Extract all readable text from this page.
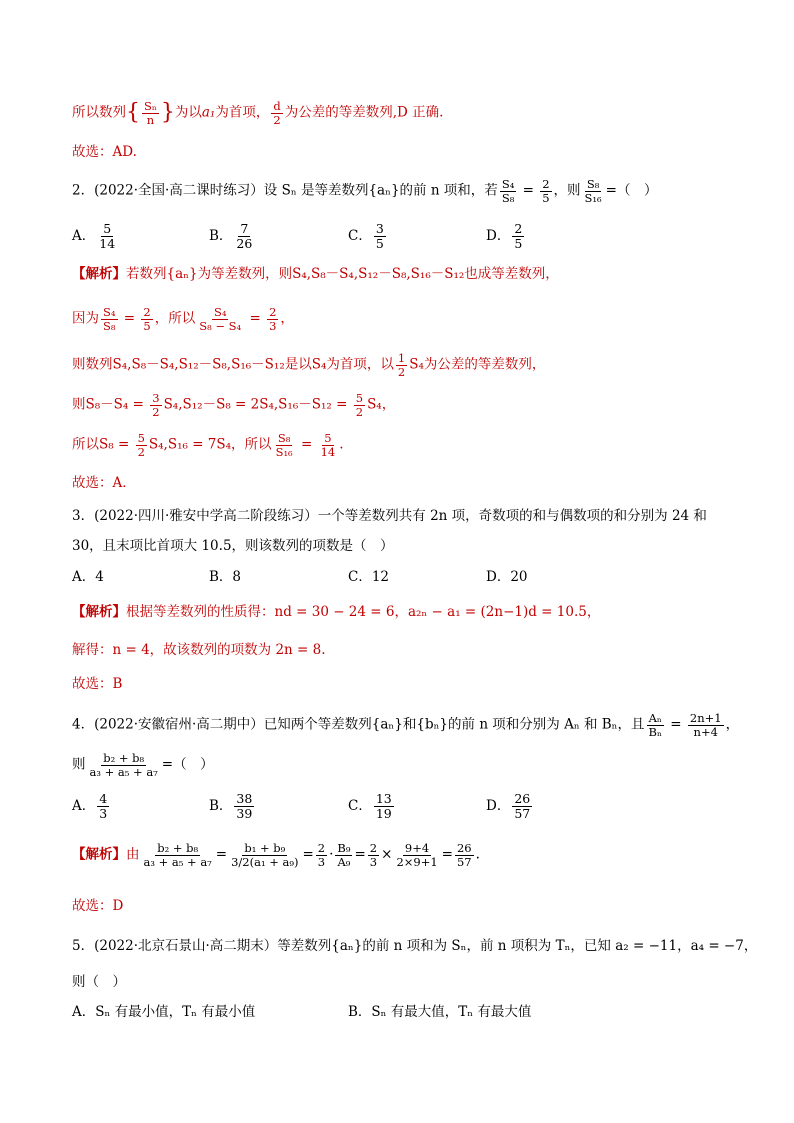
所以数列{ $\frac{\text{Sₙ}}{n}$ }为以a₁为首项， $\frac{d}{2}$ 为公差的等差数列,D 正确.
故选：AD.
2．(2022·全国·高二课时练习）设 Sₙ 是等差数列{aₙ}的前 n 项和，若 $\frac{\text{S₄}}{\text{S₈}} = \frac{2}{5}$ ，则 $\frac{\text{S₈}}{\text{S₁₆}}$ =（　）
A． $\frac{5}{14}$	B． $\frac{7}{26}$	C． $\frac{3}{5}$	D． $\frac{2}{5}$
【解析】若数列{aₙ}为等差数列，则S₄,S₈－S₄,S₁₂－S₈,S₁₆－S₁₂也成等差数列，
因为 $\frac{\text{S₄}}{\text{S₈}} = \frac{2}{5}$ ，所以 $\frac{\text{S₄}}{\text{S₈ − S₄}} = \frac{2}{3}$ ，
则数列S₄,S₈－S₄,S₁₂－S₈,S₁₆－S₁₂是以S₄为首项，以 $\frac{1}{2} S_4$为公差的等差数列，
则$S_8-S_4 = \frac{3}{2} S_4,S_{12}-S_8 = 2S_4,S_{16}-S_{12} = \frac{5}{2} S_4$，
所以$S_8 = \frac{5}{2} S_4,S_{16} = 7S_4$，所以 $\frac{\text{S₈}}{\text{S₁₆}} = \frac{5}{14}$ .
故选：A．
3．(2022·四川·雅安中学高二阶段练习）一个等差数列共有 2n 项，奇数项的和与偶数项的和分别为 24 和
30，且末项比首项大 10.5，则该数列的项数是（　）
A．4	B．8	C．12	D．20
【解析】根据等差数列的性质得：nd = 30 − 24 = 6，a₂ₙ − a₁ = (2n−1)d = 10.5，
解得：n = 4，故该数列的项数为 2n = 8.
故选：B
4．(2022·安徽宿州·高二期中）已知两个等差数列{aₙ}和{bₙ}的前 n 项和分别为 Aₙ 和 Bₙ，且 $\frac{\text{Aₙ}}{\text{Bₙ}} = \frac{2n+1}{n+4}$ ，
则 $\frac{\text{b₂ + b₈}}{\text{a₃ + a₅ + a₇}}$ =（　）
A． $\frac{4}{3}$	B． $\frac{38}{39}$	C． $\frac{13}{19}$	D． $\frac{26}{57}$
【解析】由 $\frac{\text{b₂ + b₈}}{\text{a₃ + a₅ + a₇}} = \frac{\text{b₁ + b₉}}{\text{3/2(a₁ + a₉)}} = \frac{2}{3} \cdot \frac{\text{B₉}}{\text{A₉}} = \frac{2}{3} \times \frac{9+4}{2\times 9+1} = \frac{26}{57}$ .
故选：D
5．(2022·北京石景山·高二期末）等差数列{aₙ}的前 n 项和为 Sₙ，前 n 项积为 Tₙ，已知 a₂ = −11，a₄ = −7，
则（　）
A．Sₙ 有最小值，Tₙ 有最小值	B．Sₙ 有最大值，Tₙ 有最大值
